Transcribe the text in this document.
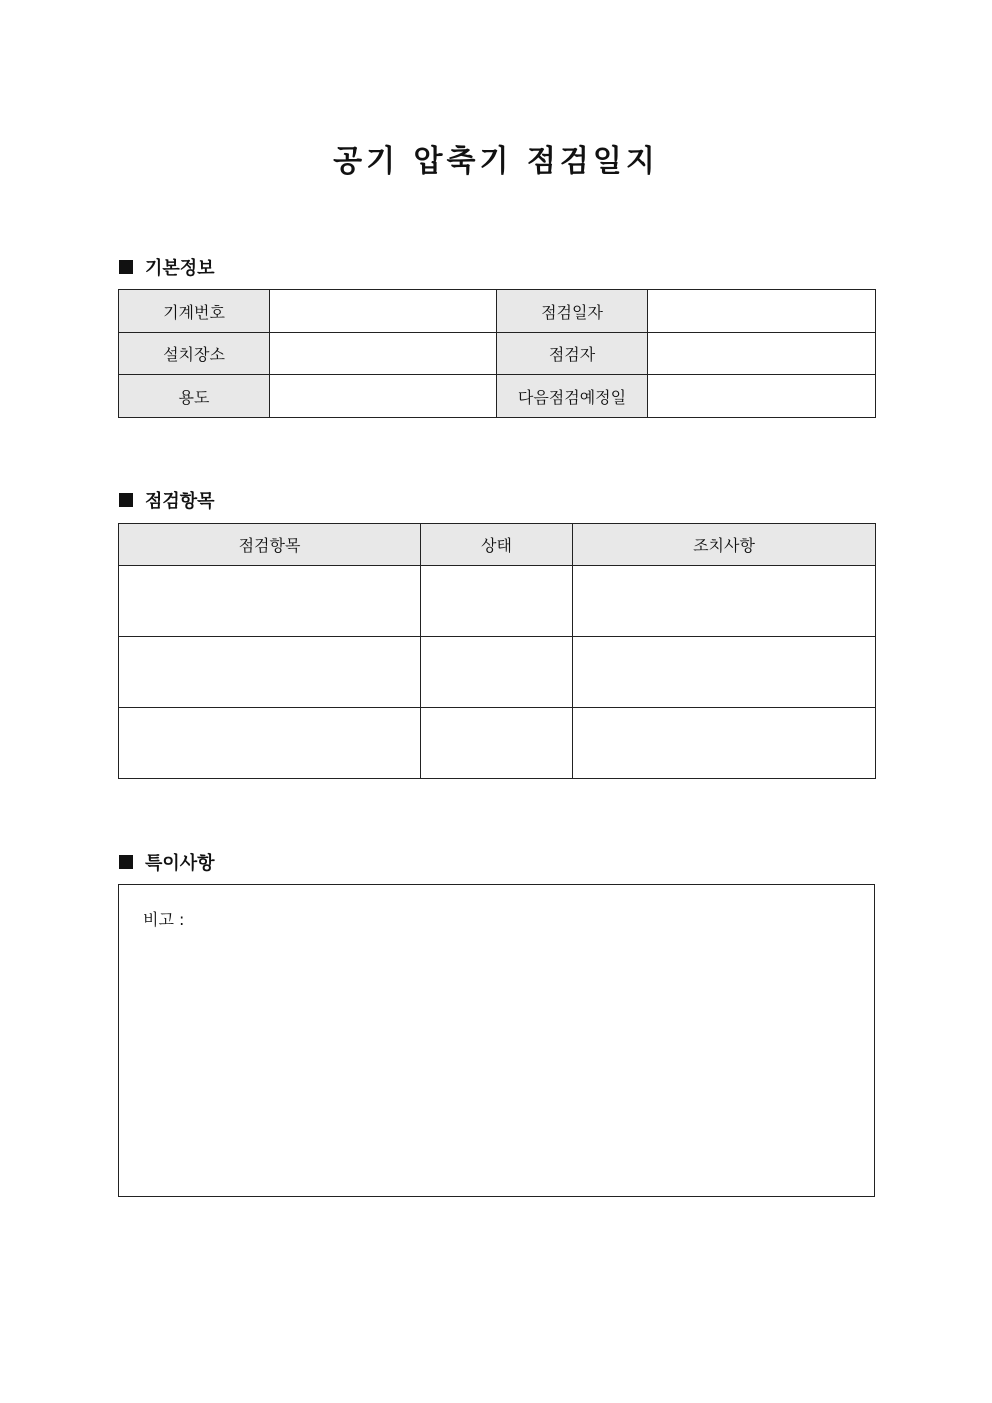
공기 압축기 점검일지
기본정보
기계번호		점검일자	
설치장소		점검자	
용도		다음점검예정일	
점검항목
점검항목	상태	조치사항

특이사항
비고 :
